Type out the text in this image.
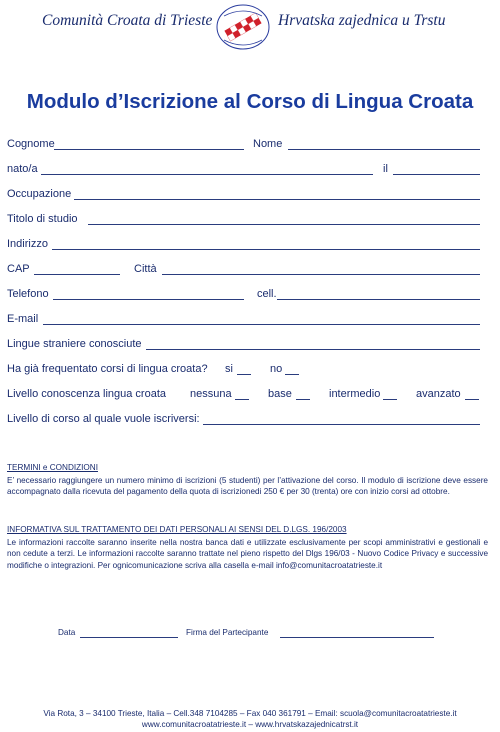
Comunità Croata di Trieste	Hrvatska zajednica u Trstu
Modulo d’Iscrizione al Corso di Lingua Croata
Cognome	Nome
nato/a	il
Occupazione
Titolo di studio
Indirizzo
CAP	Città
Telefono	cell.
E-mail
Lingue straniere conosciute
Ha già frequentato corsi di lingua croata? si	no
Livello conoscenza lingua croata nessuna	base	intermedio	avanzato
Livello di corso al quale vuole iscriversi:
TERMINI e CONDIZIONI
E’ necessario raggiungere un numero minimo di iscrizioni (5 studenti) per l’attivazione del corso. Il modulo di iscrizione deve essere accompagnato dalla ricevuta del pagamento della quota di iscrizionedi 250 € per 30 (trenta) ore con inizio corsi ad ottobre.
INFORMATIVA SUL TRATTAMENTO DEI DATI PERSONALI AI SENSI DEL D.LGS. 196/2003
Le informazioni raccolte saranno inserite nella nostra banca dati e utilizzate esclusivamente per scopi amministrativi e gestionali e non cedute a terzi. Le informazioni raccolte saranno trattate nel pieno rispetto del Dlgs 196/03 - Nuovo Codice Privacy e successive modifiche o integrazioni. Per ognicomunicazione scriva alla casella e-mail info@comunitacroatatrieste.it
Data	Firma del Partecipante
Via Rota, 3 – 34100 Trieste, Italia – Cell.348 7104285 – Fax 040 361791 – Email: scuola@comunitacroatatrieste.it
www.comunitacroatatrieste.it – www.hrvatskazajednicatrst.it
